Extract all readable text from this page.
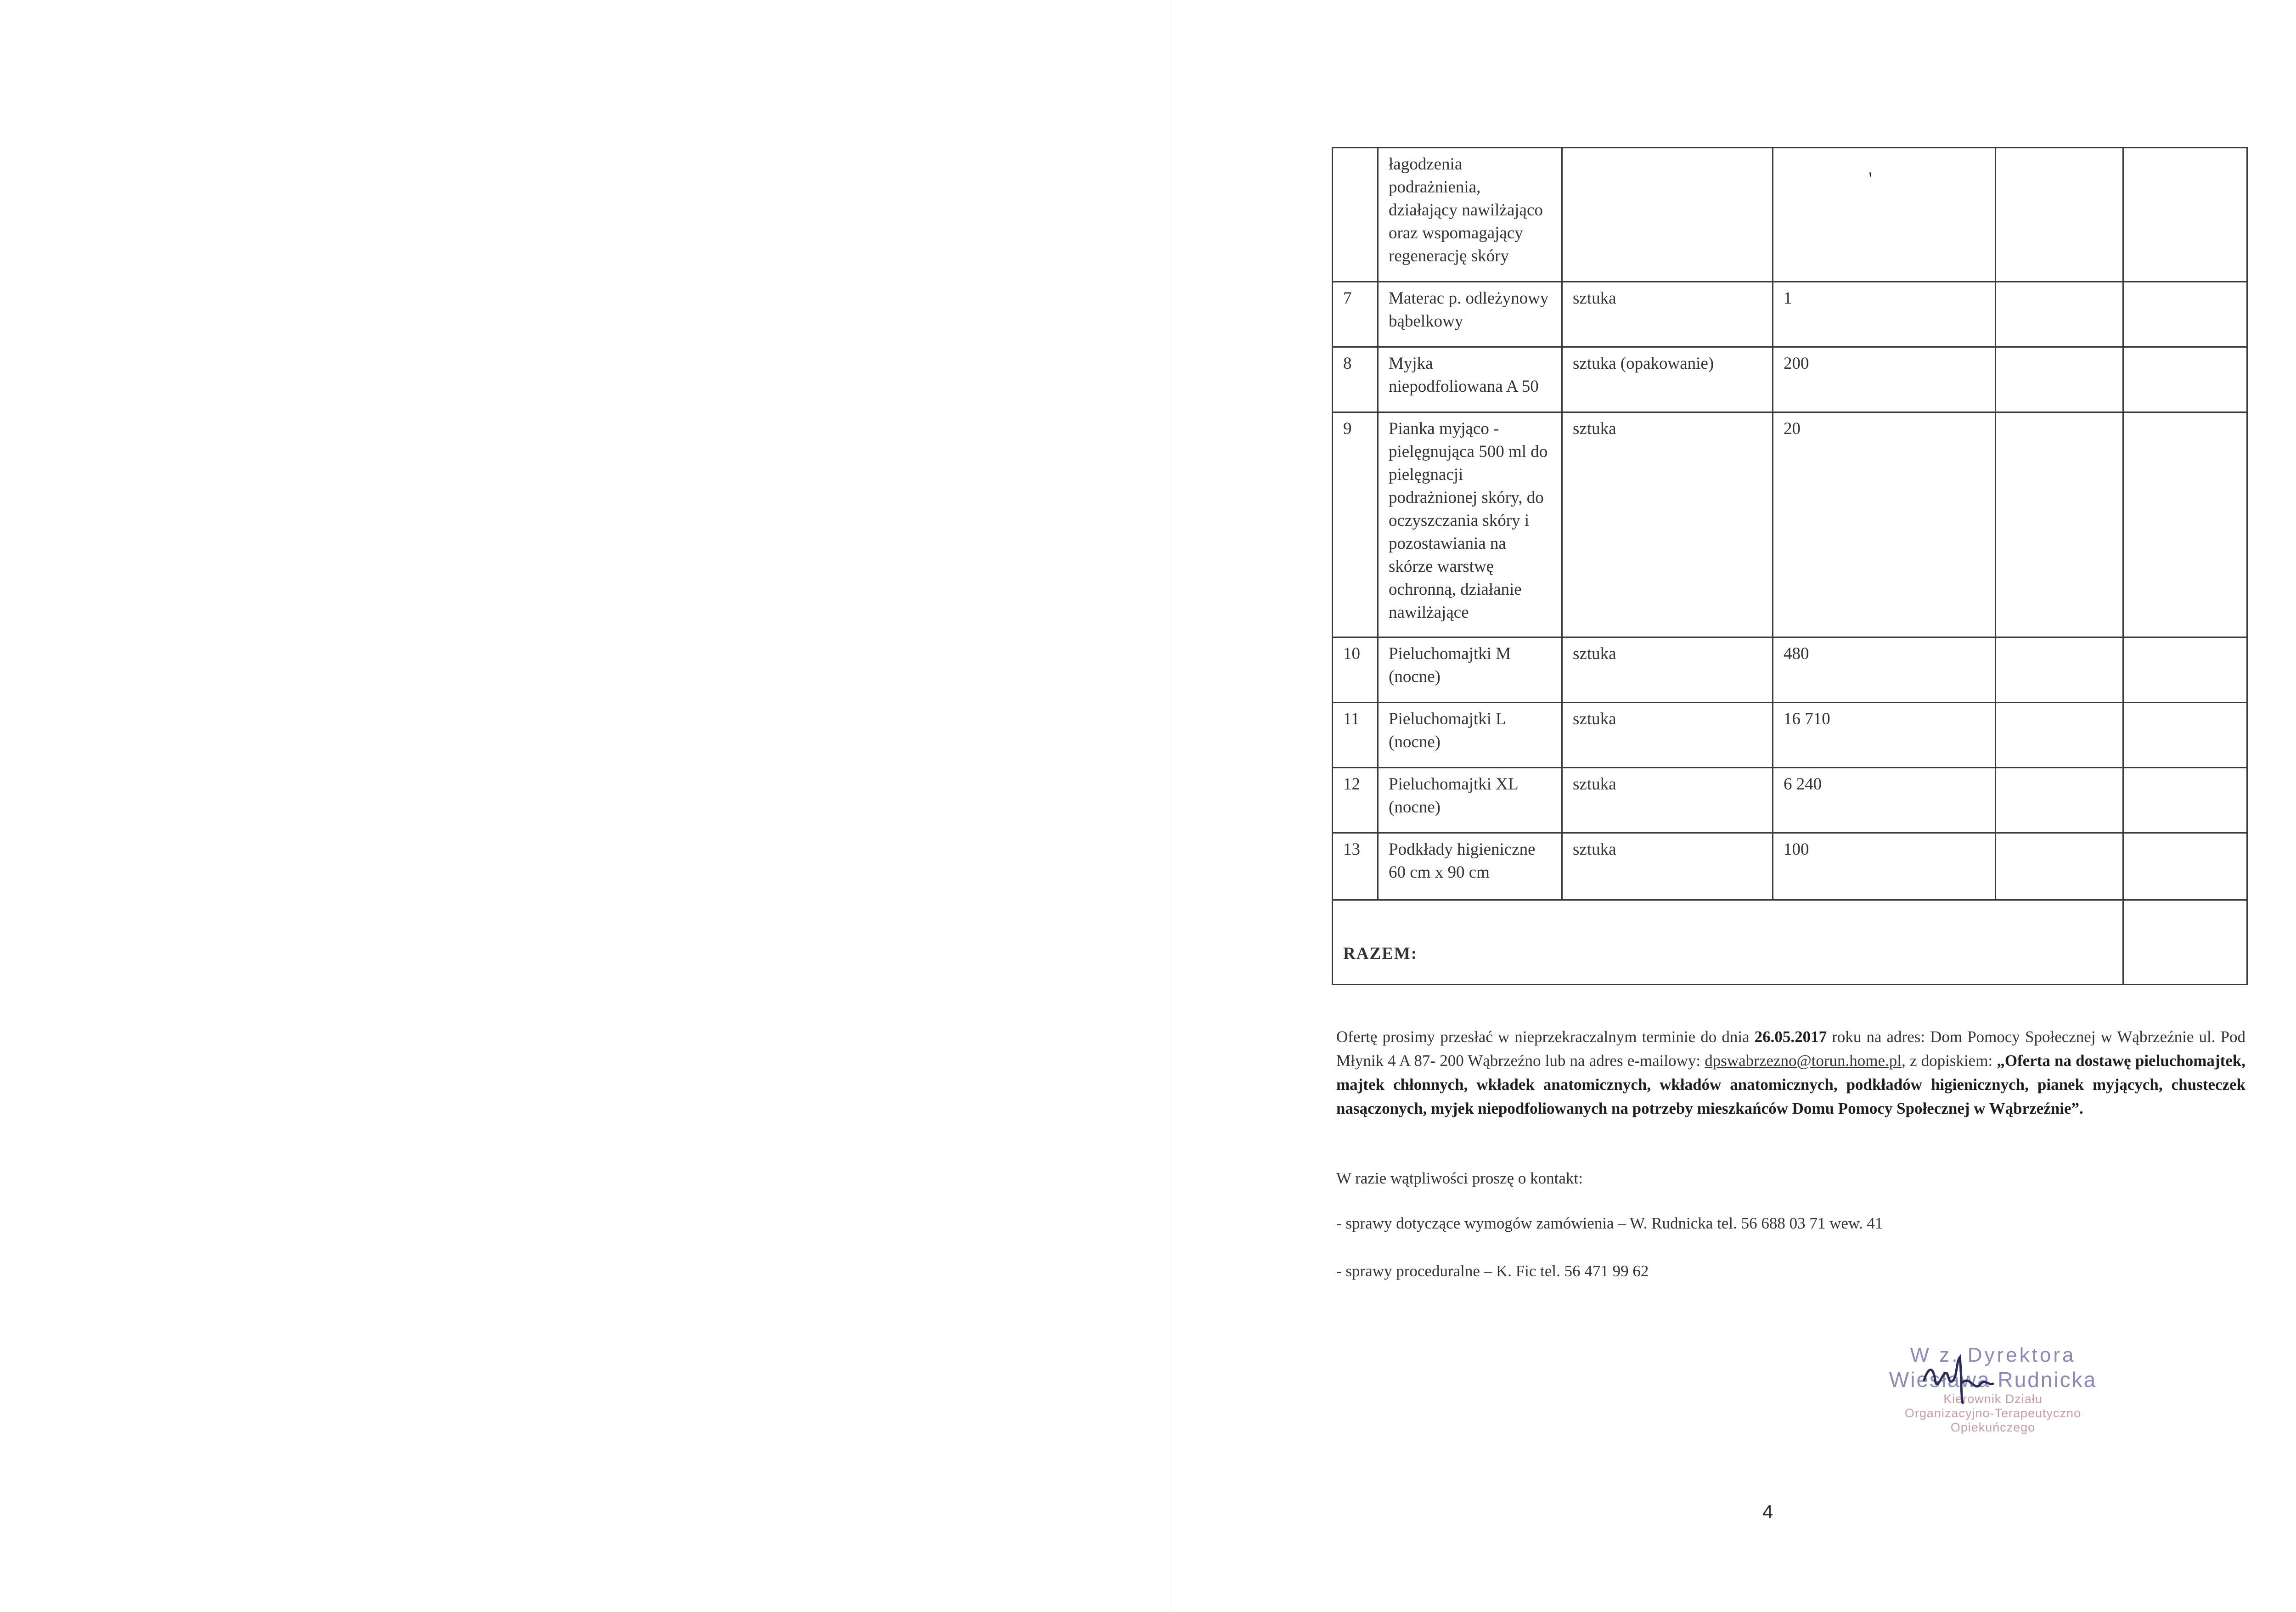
	łagodzenia podrażnienia, działający nawilżająco oraz wspomagający regenerację skóry		'		

7	Materac p. odleżynowy bąbelkowy	sztuka	1		
8	Myjka niepodfoliowana A 50	sztuka (opakowanie)	200		
9	Pianka myjąco - pielęgnująca 500 ml do pielęgnacji podrażnionej skóry, do oczyszczania skóry i pozostawiania na skórze warstwę ochronną, działanie nawilżające	sztuka	20		
10	Pieluchomajtki M (nocne)	sztuka	480		
11	Pieluchomajtki L (nocne)	sztuka	16 710		
12	Pieluchomajtki XL (nocne)	sztuka	6 240		
13	Podkłady higieniczne 60 cm x 90 cm	sztuka	100		
RAZEM:					

Ofertę prosimy przesłać w nieprzekraczalnym terminie do dnia 26.05.2017 roku na adres: Dom Pomocy Społecznej w Wąbrzeźnie ul. Pod Młynik 4 A 87- 200 Wąbrzeźno lub na adres e-mailowy: dpswabrzezno@torun.home.pl, z dopiskiem: „Oferta na dostawę pieluchomajtek, majtek chłonnych, wkładek anatomicznych, wkładów anatomicznych, podkładów higienicznych, pianek myjących, chusteczek nasączonych, myjek niepodfoliowanych na potrzeby mieszkańców Domu Pomocy Społecznej w Wąbrzeźnie”.

W razie wątpliwości proszę o kontakt:

- sprawy dotyczące wymogów zamówienia – W. Rudnicka tel. 56 688 03 71 wew. 41

- sprawy proceduralne – K. Fic tel. 56 471 99 62

W z. Dyrektora
Wiesława Rudnicka
Kierownik Działu
Organizacyjno-Terapeutyczno
Opiekuńczego
4
